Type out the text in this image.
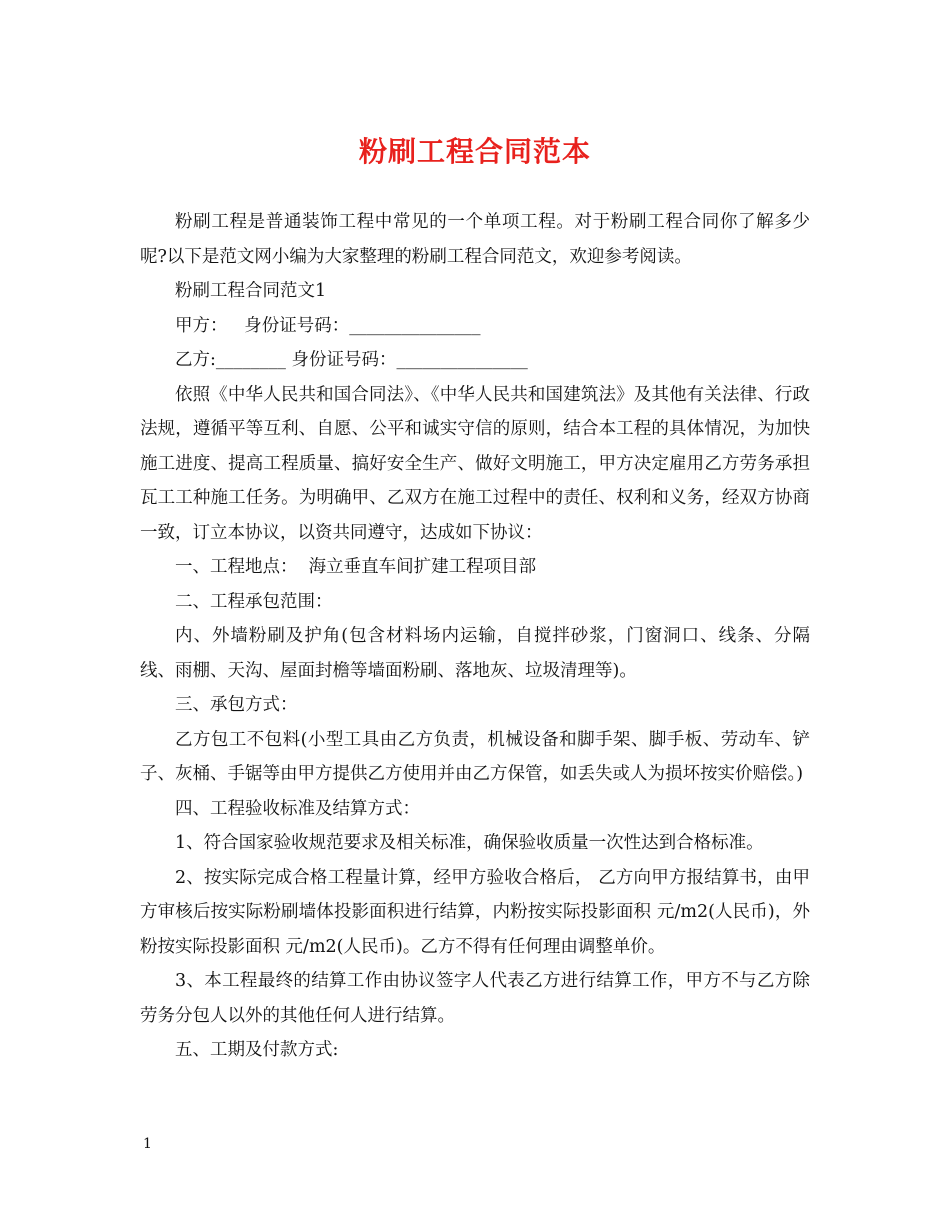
粉刷工程合同范本

粉刷工程是普通装饰工程中常见的一个单项工程。对于粉刷工程合同你了解多少呢?以下是范文网小编为大家整理的粉刷工程合同范文，欢迎参考阅读。

粉刷工程合同范文1

甲方：   身份证号码：_______________

乙方:________ 身份证号码：_______________

依照《中华人民共和国合同法》、《中华人民共和国建筑法》及其他有关法律、行政法规，遵循平等互利、自愿、公平和诚实守信的原则，结合本工程的具体情况，为加快施工进度、提高工程质量、搞好安全生产、做好文明施工，甲方决定雇用乙方劳务承担瓦工工种施工任务。为明确甲、乙双方在施工过程中的责任、权利和义务，经双方协商一致，订立本协议，以资共同遵守，达成如下协议：

一、工程地点：  海立垂直车间扩建工程项目部

二、工程承包范围：

内、外墙粉刷及护角(包含材料场内运输，自搅拌砂浆，门窗洞口、线条、分隔线、雨棚、天沟、屋面封檐等墙面粉刷、落地灰、垃圾清理等)。

三、承包方式：

乙方包工不包料(小型工具由乙方负责，机械设备和脚手架、脚手板、劳动车、铲子、灰桶、手锯等由甲方提供乙方使用并由乙方保管，如丢失或人为损坏按实价赔偿。)

四、工程验收标准及结算方式：

1、符合国家验收规范要求及相关标准，确保验收质量一次性达到合格标准。

2、按实际完成合格工程量计算，经甲方验收合格后， 乙方向甲方报结算书，由甲方审核后按实际粉刷墙体投影面积进行结算，内粉按实际投影面积 元/m2(人民币)，外粉按实际投影面积 元/m2(人民币)。乙方不得有任何理由调整单价。

3、本工程最终的结算工作由协议签字人代表乙方进行结算工作，甲方不与乙方除劳务分包人以外的其他任何人进行结算。

五、工期及付款方式:

1
